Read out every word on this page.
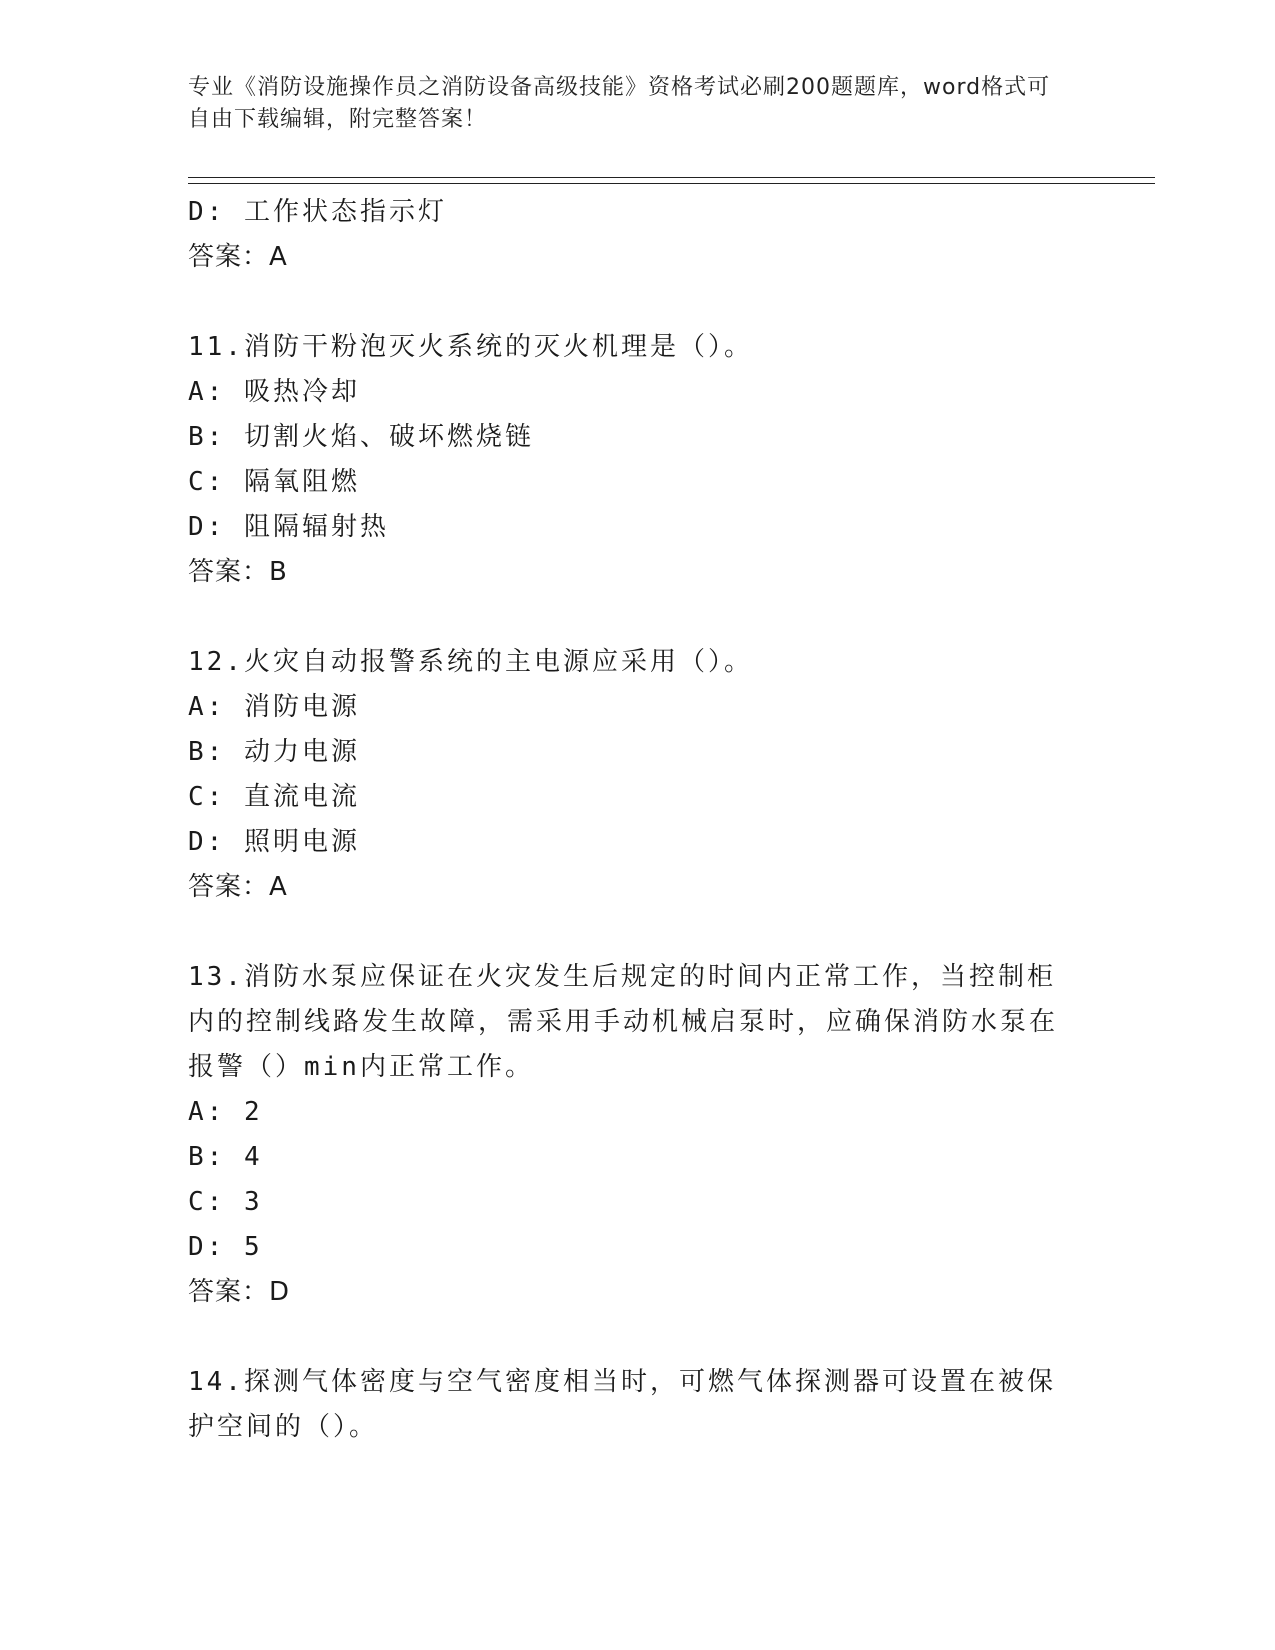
专业《消防设施操作员之消防设备高级技能》资格考试必刷200题题库，word格式可自由下载编辑，附完整答案！
D: 工作状态指示灯
答案：A
11.消防干粉泡灭火系统的灭火机理是（）。
A: 吸热冷却
B: 切割火焰、破坏燃烧链
C: 隔氧阻燃
D: 阻隔辐射热
答案：B
12.火灾自动报警系统的主电源应采用（）。
A: 消防电源
B: 动力电源
C: 直流电流
D: 照明电源
答案：A
13.消防水泵应保证在火灾发生后规定的时间内正常工作，当控制柜内的控制线路发生故障，需采用手动机械启泵时，应确保消防水泵在报警（）min内正常工作。
A: 2
B: 4
C: 3
D: 5
答案：D
14.探测气体密度与空气密度相当时，可燃气体探测器可设置在被保护空间的（）。
